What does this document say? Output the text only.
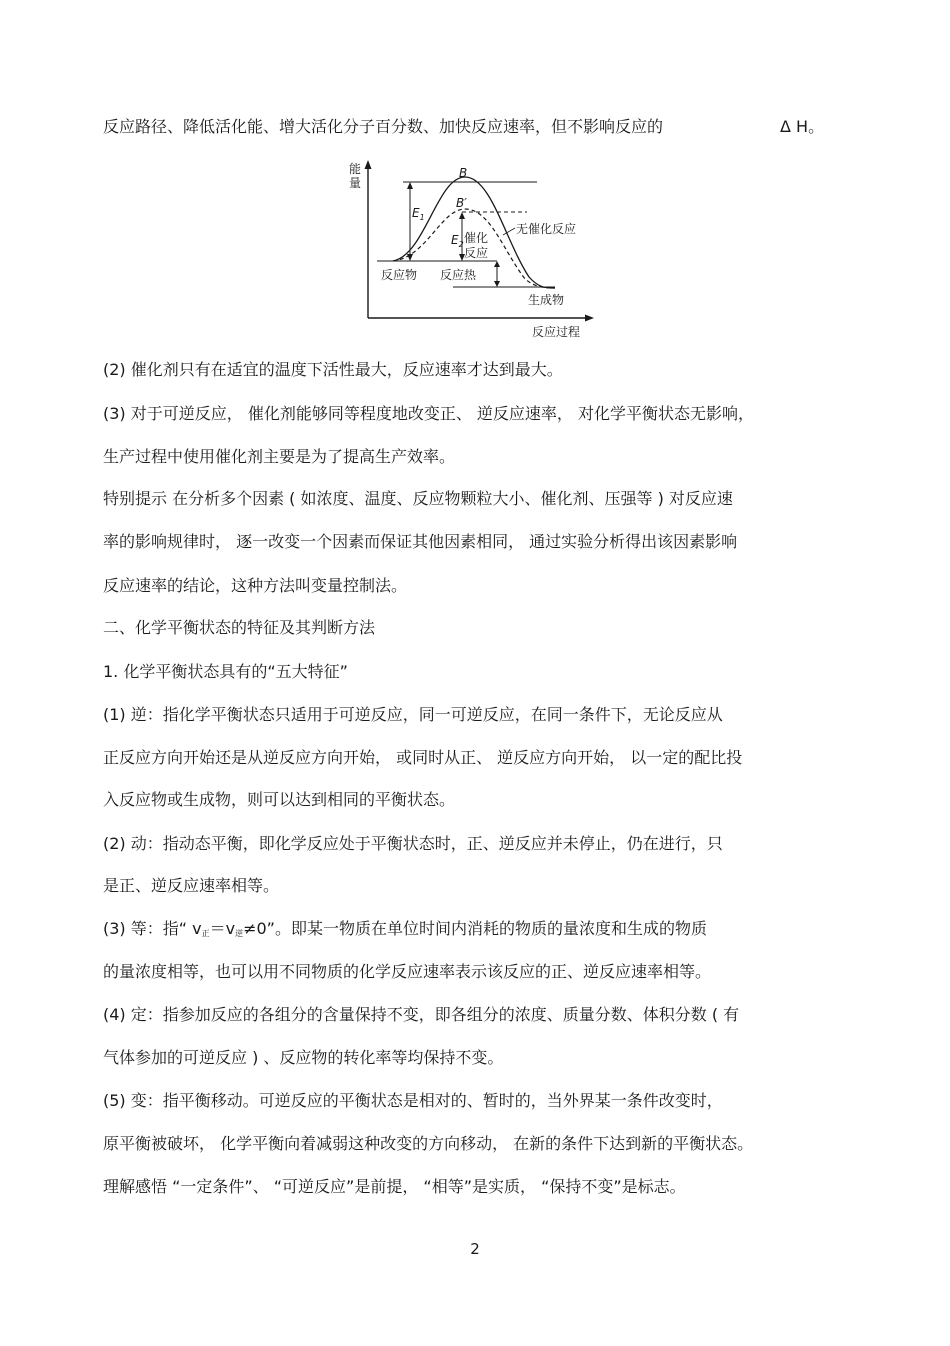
反应路径、降低活化能、增大活化分子百分数、加快反应速率，但不影响反应的	Δ H。
能
量
反应过程
$E_1$
$E_2$
B
B′
催化
反应
无催化反应
反应物 反应热
生成物
(2) 催化剂只有在适宜的温度下活性最大，反应速率才达到最大。
(3) 对于可逆反应， 催化剂能够同等程度地改变正、 逆反应速率， 对化学平衡状态无影响，
生产过程中使用催化剂主要是为了提高生产效率。
特别提示 在分析多个因素 ( 如浓度、温度、反应物颗粒大小、催化剂、压强等 ) 对反应速
率的影响规律时， 逐一改变一个因素而保证其他因素相同， 通过实验分析得出该因素影响
反应速率的结论，这种方法叫变量控制法。
二、化学平衡状态的特征及其判断方法
1. 化学平衡状态具有的“五大特征”
(1) 逆：指化学平衡状态只适用于可逆反应，同一可逆反应，在同一条件下，无论反应从
正反应方向开始还是从逆反应方向开始， 或同时从正、 逆反应方向开始， 以一定的配比投
入反应物或生成物，则可以达到相同的平衡状态。
(2) 动：指动态平衡，即化学反应处于平衡状态时，正、逆反应并未停止，仍在进行，只
是正、逆反应速率相等。
(3) 等：指“ $v_正=v_逆\ne 0$”。即某一物质在单位时间内消耗的物质的量浓度和生成的物质
的量浓度相等，也可以用不同物质的化学反应速率表示该反应的正、逆反应速率相等。
(4) 定：指参加反应的各组分的含量保持不变，即各组分的浓度、质量分数、体积分数 ( 有
气体参加的可逆反应 ) 、反应物的转化率等均保持不变。
(5) 变：指平衡移动。可逆反应的平衡状态是相对的、暂时的，当外界某一条件改变时，
原平衡被破坏， 化学平衡向着减弱这种改变的方向移动， 在新的条件下达到新的平衡状态。
理解感悟 “一定条件”、 “可逆反应”是前提， “相等”是实质， “保持不变”是标志。
2
